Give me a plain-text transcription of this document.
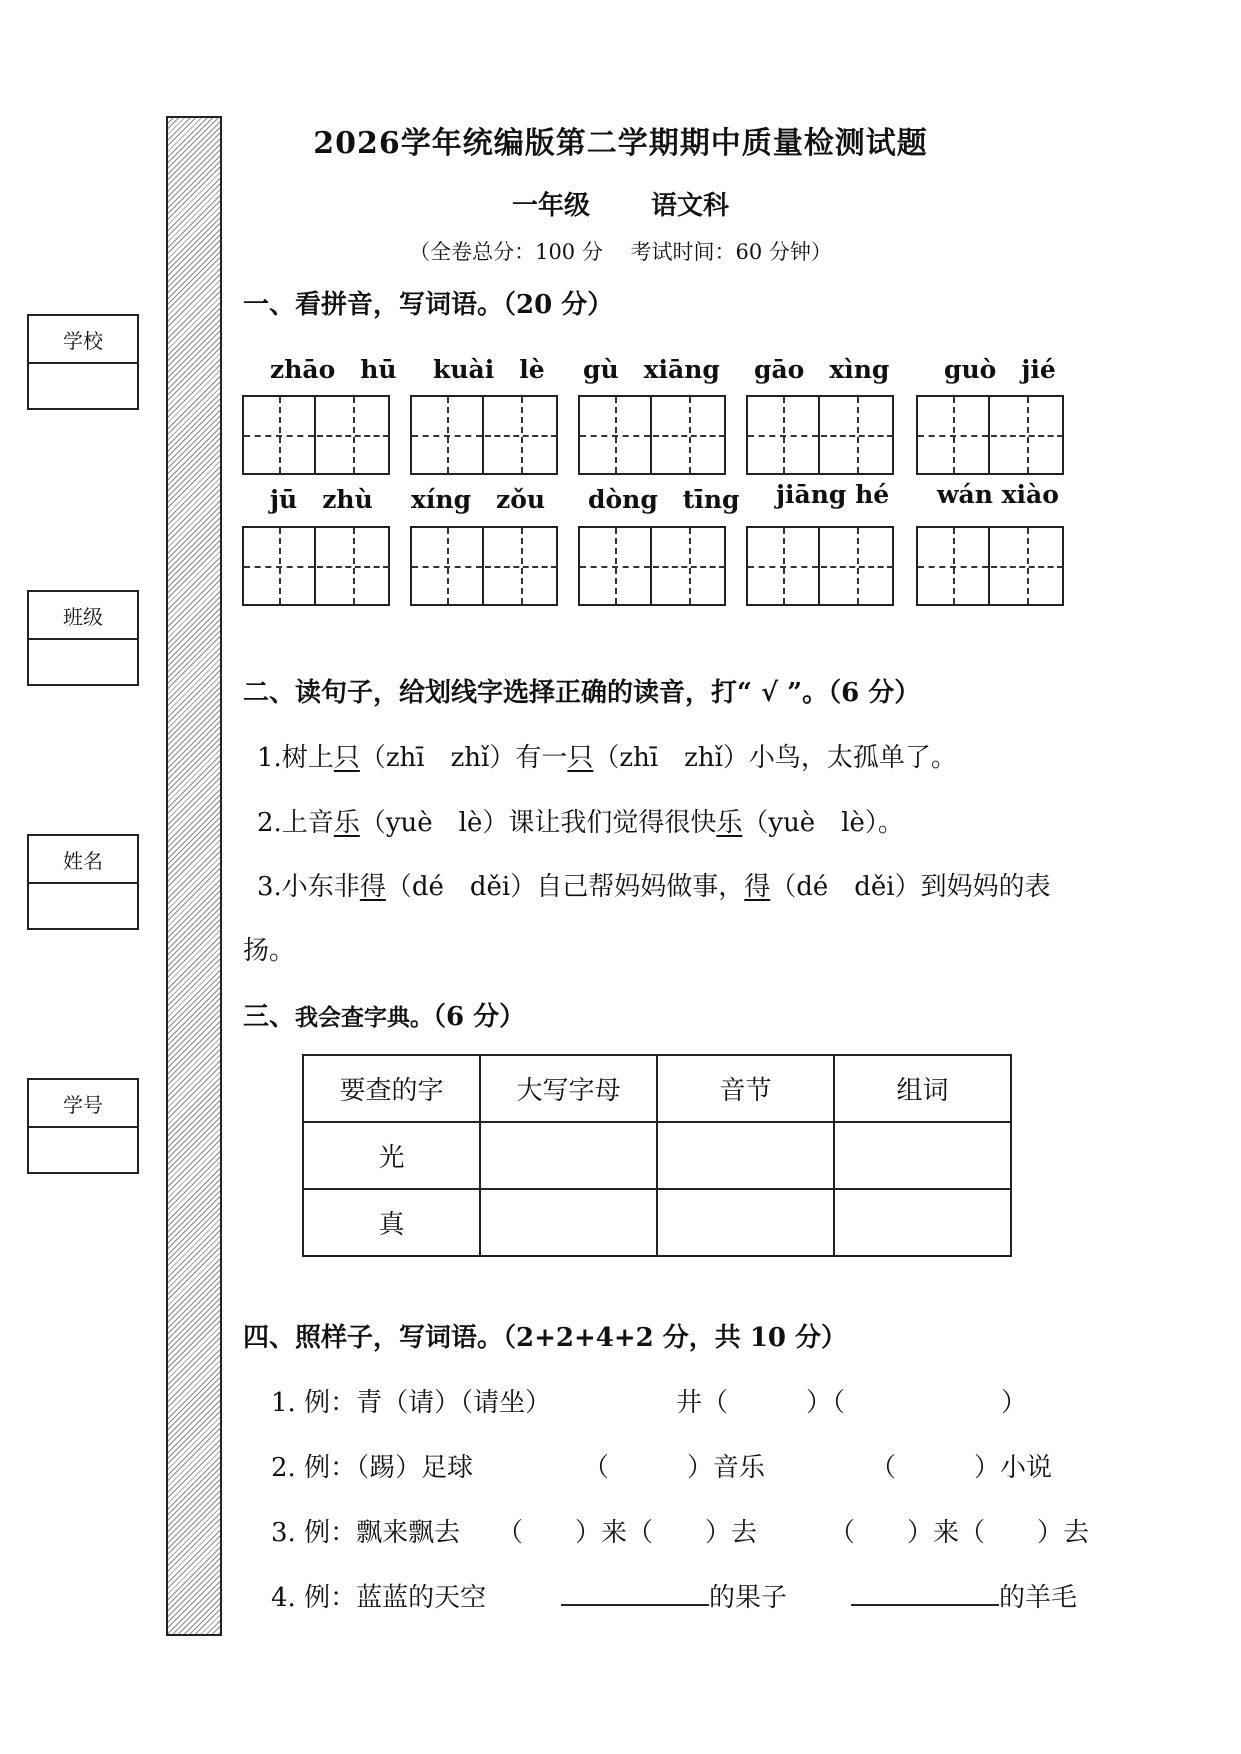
学校
班级
姓名
学号
2026学年统编版第二学期期中质量检测试题
一年级　　 语文科
（全卷总分：100 分　 考试时间：60 分钟）
一、看拼音，写词语。（20 分）
zhāo　hū kuài　lè gù　xiāng gāo　xìng guò　jié
jū　zhù xíng　zǒu dòng　tīng jiāng hé wán xiào
二、读句子，给划线字选择正确的读音，打“ √ ”。（6 分）
1.树上只（zhī　zhǐ）有一只（zhī　zhǐ）小鸟，太孤单了。
2.上音乐（yuè　lè）课让我们觉得很快乐（yuè　lè）。
3.小东非得（dé　děi）自己帮妈妈做事，得（dé　děi）到妈妈的表
扬。
三、我会查字典。（6 分）
要查的字	大写字母	音节	组词
光			
真			
四、照样子，写词语。（2+2+4+2 分，共 10 分）
1. 例：青（请）（请坐）	井（　　　）（　　　　　　）
2. 例：（踢）足球	（　　　）音乐	（　　　）小说
3. 例：飘来飘去 （　　）来（　　）去	（　　）来（　　）去
4. 例：蓝蓝的天空	的果子	的羊毛
